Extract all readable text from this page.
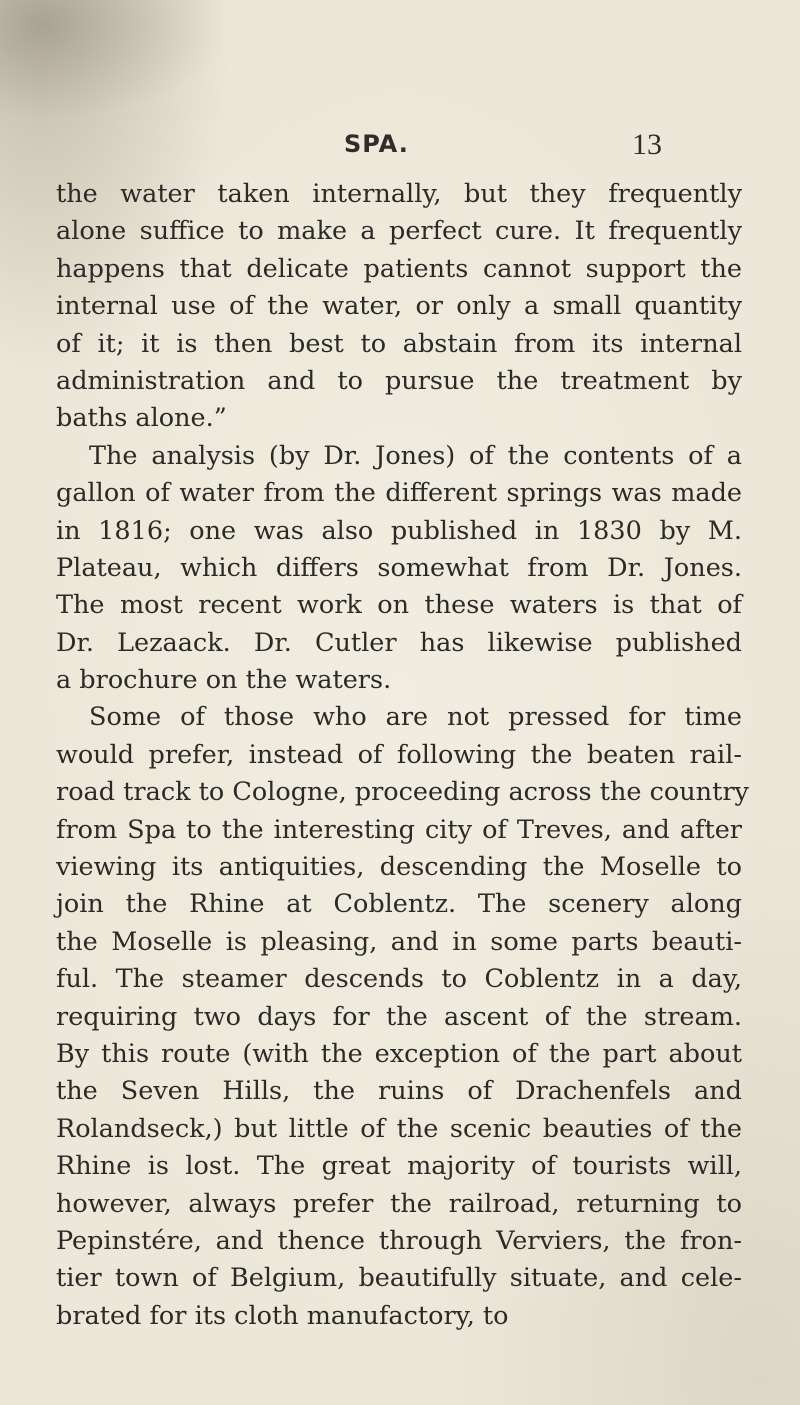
SPA.	13
the water taken internally, but they frequently
alone suffice to make a perfect cure. It frequently
happens that delicate patients cannot support the
internal use of the water, or only a small quantity
of it; it is then best to abstain from its internal
administration and to pursue the treatment by
baths alone.”
The analysis (by Dr. Jones) of the contents of a
gallon of water from the different springs was made
in 1816; one was also published in 1830 by M.
Plateau, which differs somewhat from Dr. Jones.
The most recent work on these waters is that of
Dr. Lezaack. Dr. Cutler has likewise published
a brochure on the waters.
Some of those who are not pressed for time
would prefer, instead of following the beaten rail-
road track to Cologne, proceeding across the country
from Spa to the interesting city of Treves, and after
viewing its antiquities, descending the Moselle to
join the Rhine at Coblentz. The scenery along
the Moselle is pleasing, and in some parts beauti-
ful. The steamer descends to Coblentz in a day,
requiring two days for the ascent of the stream.
By this route (with the exception of the part about
the Seven Hills, the ruins of Drachenfels and
Rolandseck,) but little of the scenic beauties of the
Rhine is lost. The great majority of tourists will,
however, always prefer the railroad, returning to
Pepinstére, and thence through Verviers, the fron-
tier town of Belgium, beautifully situate, and cele-
brated for its cloth manufactory, to
